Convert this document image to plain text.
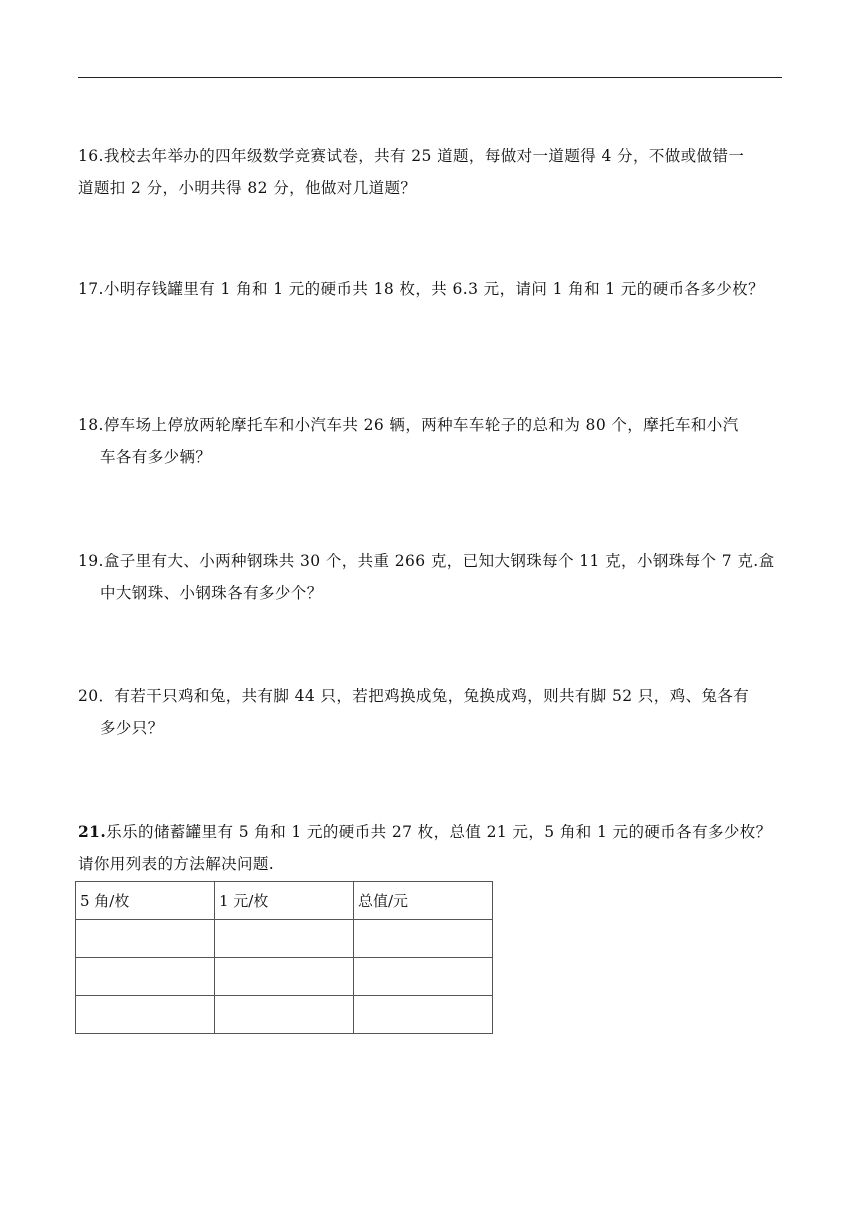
16.我校去年举办的四年级数学竞赛试卷，共有 25 道题，每做对一道题得 4 分，不做或做错一
道题扣 2 分，小明共得 82 分，他做对几道题？
17.小明存钱罐里有 1 角和 1 元的硬币共 18 枚，共 6.3 元，请问 1 角和 1 元的硬币各多少枚？
18.停车场上停放两轮摩托车和小汽车共 26 辆，两种车车轮子的总和为 80 个，摩托车和小汽
车各有多少辆？
19.盒子里有大、小两种钢珠共 30 个，共重 266 克，已知大钢珠每个 11 克，小钢珠每个 7 克.盒
中大钢珠、小钢珠各有多少个？
20．有若干只鸡和兔，共有脚 44 只，若把鸡换成兔，兔换成鸡，则共有脚 52 只，鸡、兔各有
多少只？
21.乐乐的储蓄罐里有 5 角和 1 元的硬币共 27 枚，总值 21 元，5 角和 1 元的硬币各有多少枚？
请你用列表的方法解决问题.
5 角/枚	1 元/枚	总值/元
